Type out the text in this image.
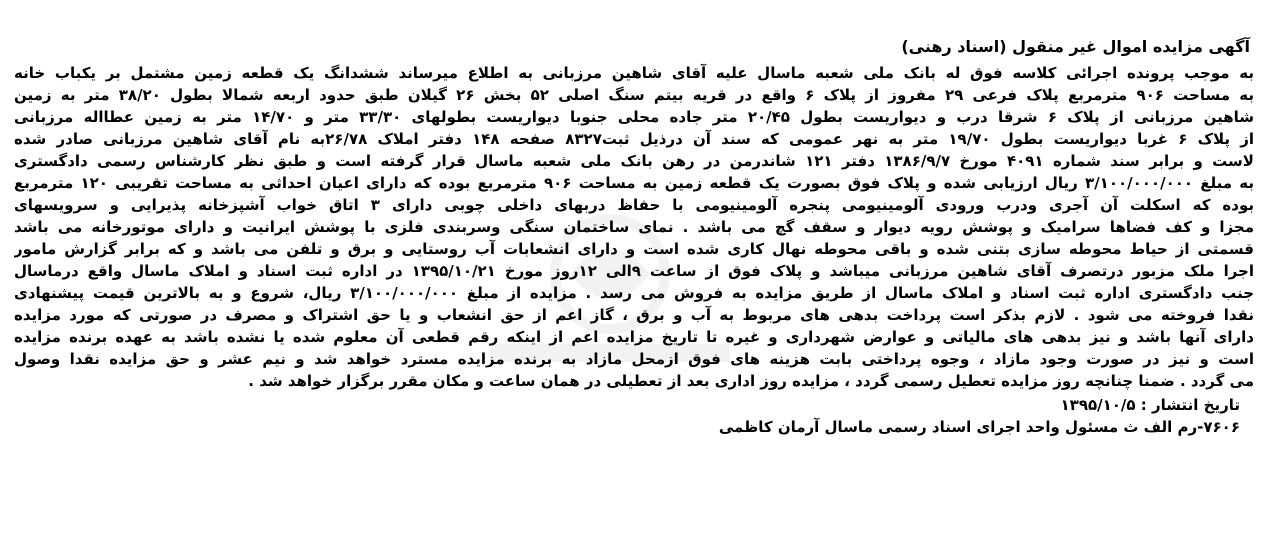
آگهی مزایده اموال غیر منقول (اسناد رهنی)
به موجب پرونده اجرائی کلاسه فوق له بانک ملی شعبه ماسال علیه آقای شاهین مرزبانی به اطلاع میرساند ششدانگ یک قطعه زمین مشتمل بر یکباب خانه
به مساحت ۹۰۶ مترمربع پلاک فرعی ۲۹ مفروز از پلاک ۶ واقع در قریه بیتم سنگ اصلی ۵۲ بخش ۲۶ گیلان طبق حدود اربعه شمالا بطول ۳۸/۲۰ متر به زمین
شاهین مرزبانی از پلاک ۶ شرقا درب و دیواریست بطول ۲۰/۴۵ متر جاده محلی جنوبا دیواریست بطولهای ۳۳/۳۰ متر و ۱۴/۷۰ متر به زمین عطااله مرزبانی
از پلاک ۶ غربا دیواریست بطول ۱۹/۷۰ متر به نهر عمومی که سند آن درذیل ثبت۸۳۲۷ صفحه ۱۴۸ دفتر املاک ۲۶/۷۸به نام آقای شاهین مرزبانی صادر شده
لاست و برابر سند شماره ۴۰۹۱ مورخ ۱۳۸۶/۹/۷ دفتر ۱۲۱ شاندرمن در رهن بانک ملی شعبه ماسال قرار گرفته است و طبق نظر کارشناس رسمی دادگستری
به مبلغ ۳/۱۰۰/۰۰۰/۰۰۰ ریال ارزیابی شده و پلاک فوق بصورت یک قطعه زمین به مساحت ۹۰۶ مترمربع بوده که دارای اعیان احداثی به مساحت تقریبی ۱۲۰ مترمربع
بوده که اسکلت آن آجری ودرب ورودی آلومینیومی پنجره آلومینیومی با حفاظ دربهای داخلی چوبی دارای ۳ اتاق خواب آشپزخانه پذیرایی و سرویسهای
مجزا و کف فضاها سرامیک و پوشش رویه دیوار و سقف گچ می باشد . نمای ساختمان سنگی وسربندی فلزی با پوشش ایرانیت و دارای موتورخانه می باشد
قسمتی از حیاط محوطه سازی بتنی شده و باقی محوطه نهال کاری شده است و دارای انشعابات آب روستایی و برق و تلفن می باشد و که برابر گزارش مامور
اجرا ملک مزبور درتصرف آقای شاهین مرزبانی میباشد و پلاک فوق از ساعت ۹الی ۱۲روز مورخ ۱۳۹۵/۱۰/۲۱ در اداره ثبت اسناد و املاک ماسال واقع درماسال
جنب دادگستری اداره ثبت اسناد و املاک ماسال از طریق مزایده به فروش می رسد . مزایده از مبلغ ۳/۱۰۰/۰۰۰/۰۰۰ ریال، شروع و به بالاترین قیمت پیشنهادی
نقدا فروخته می شود . لازم بذکر است پرداخت بدهی های مربوط به آب و برق ، گاز اعم از حق انشعاب و یا حق اشتراک و مصرف در صورتی که مورد مزایده
دارای آنها باشد و نیز بدهی های مالیاتی و عوارض شهرداری و غیره تا تاریخ مزایده اعم از اینکه رقم قطعی آن معلوم شده یا نشده باشد به عهده برنده مزایده
است و نیز در صورت وجود مازاد ، وجوه پرداختی بابت هزینه های فوق ازمحل مازاد به برنده مزایده مسترد خواهد شد و نیم عشر و حق مزایده نقدا وصول
می گردد . ضمنا چنانچه روز مزایده تعطیل رسمی گردد ، مزایده روز اداری بعد از تعطیلی در همان ساعت و مکان مقرر برگزار خواهد شد .
تاریخ انتشار : ۱۳۹۵/۱۰/۵
۷۶۰۶-رم الف ث مسئول واحد اجرای اسناد رسمی ماسال آرمان کاظمی
